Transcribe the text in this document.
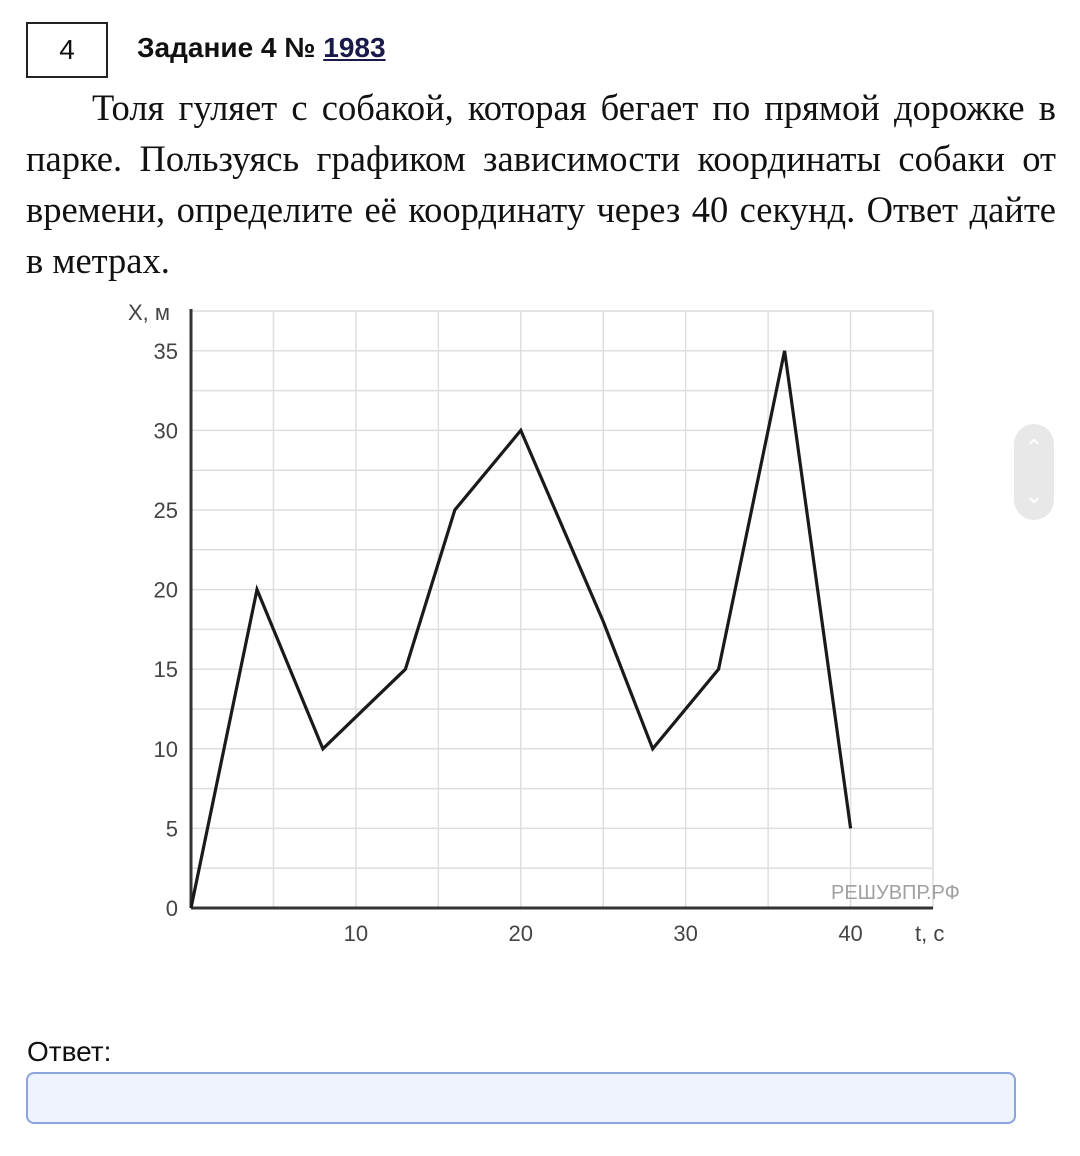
4 Задание 4 № 1983

Толя гуляет с собакой, которая бегает по прямой дорожке в парке. Пользуясь графиком зависимости координаты собаки от времени, определите её координату через 40 секунд. Ответ дайте в метрах.

0
5
10
15
20
25
30
35
10	20	30	40
X, м
t, с
РЕШУВПР.РФ
⌃
⌄
Ответ:
